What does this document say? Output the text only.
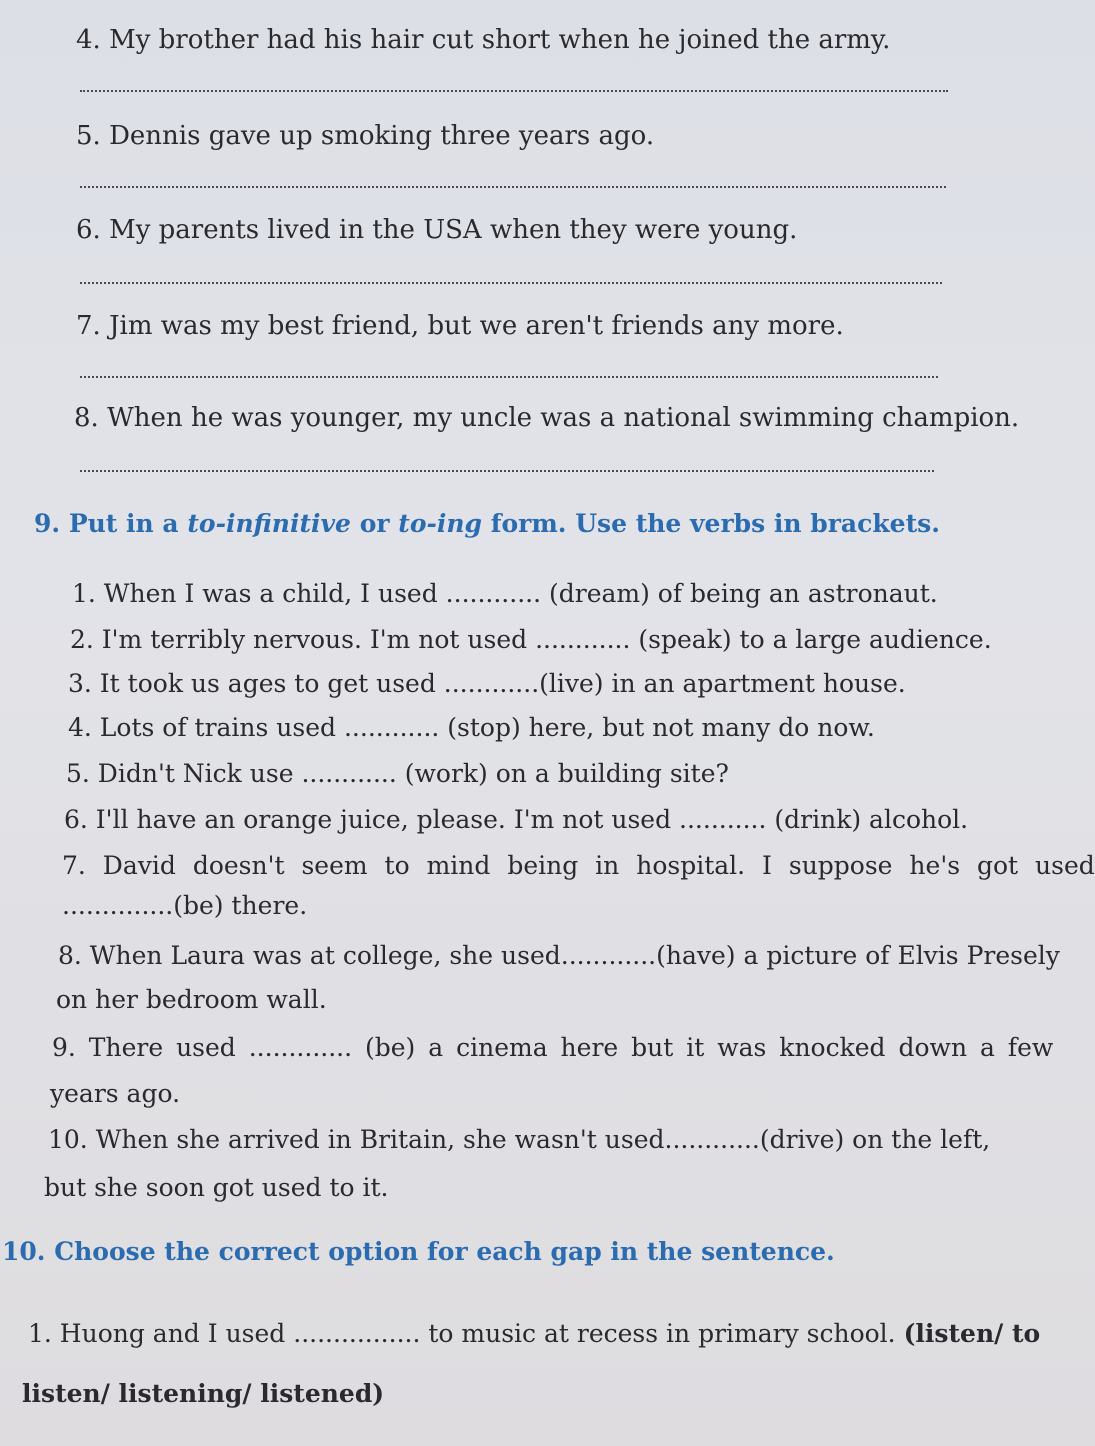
4. My brother had his hair cut short when he joined the army.
5. Dennis gave up smoking three years ago.
6. My parents lived in the USA when they were young.
7. Jim was my best friend, but we aren't friends any more.
8. When he was younger, my uncle was a national swimming champion.
9. Put in a to-infinitive or to-ing form. Use the verbs in brackets.
1. When I was a child, I used ............ (dream) of being an astronaut.
2. I'm terribly nervous. I'm not used ............ (speak) to a large audience.
3. It took us ages to get used ............(live) in an apartment house.
4. Lots of trains used ............ (stop) here, but not many do now.
5. Didn't Nick use ............ (work) on a building site?
6. I'll have an orange juice, please. I'm not used ........... (drink) alcohol.
7. David doesn't seem to mind being in hospital. I suppose he's got used
..............(be) there.
8. When Laura was at college, she used............(have) a picture of Elvis Presely
on her bedroom wall.
9. There used ............. (be) a cinema here but it was knocked down a few
years ago.
10. When she arrived in Britain, she wasn't used............(drive) on the left,
but she soon got used to it.
10. Choose the correct option for each gap in the sentence.
1. Huong and I used ................ to music at recess in primary school. (listen/ to
listen/ listening/ listened)
